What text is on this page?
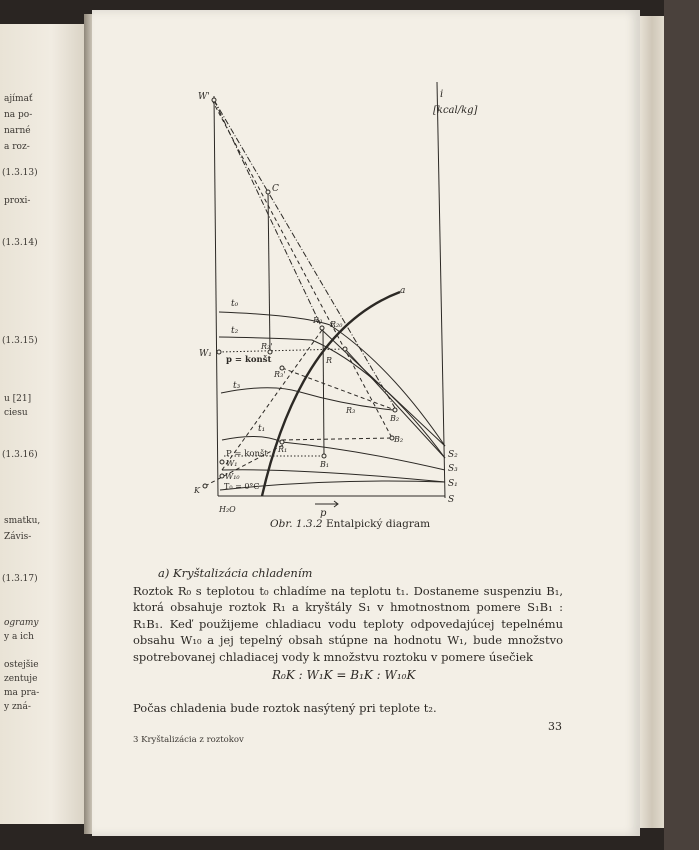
ajímať
na po-
narné
a roz-
(1.3.13)
proxi-
(1.3.14)
(1.3.15)
u [21]
ciesu
(1.3.16)
smatku,
Závis-
(1.3.17)
ogramy
y a ich
ostejšie
zentuje
ma pra-
y zná-
W'	i
[kcal/kg]
C
a
t₀
t₂
t₃
t₁
W₁
p = konšt
P = konšt
W₁
W₁₀
T₀ = 0°C
K
H₂O	p
S
S₁
S₂
S₃
R₀ R₂₀
R₂'
R
R₃'
R₃
R₁
B₁
B₂
B₂
Obr. 1.3.2 Entalpický diagram
a) Kryštalizácia chladením
Roztok R₀ s teplotou t₀ chladíme na teplotu t₁. Dostaneme suspenziu B₁, ktorá obsahuje roztok R₁ a kryštály S₁ v hmotnostnom pomere S₁B₁ : R₁B₁. Keď použijeme chladiacu vodu teploty odpovedajúcej tepelnému obsahu W₁₀ a jej tepelný obsah stúpne na hodnotu W₁, bude množstvo spotrebovanej chladiacej vody k množstvu roztoku v pomere úsečiek
R₀K : W₁K = B₁K : W₁₀K
Počas chladenia bude roztok nasýtený pri teplote t₂.
33
3 Kryštalizácia z roztokov
